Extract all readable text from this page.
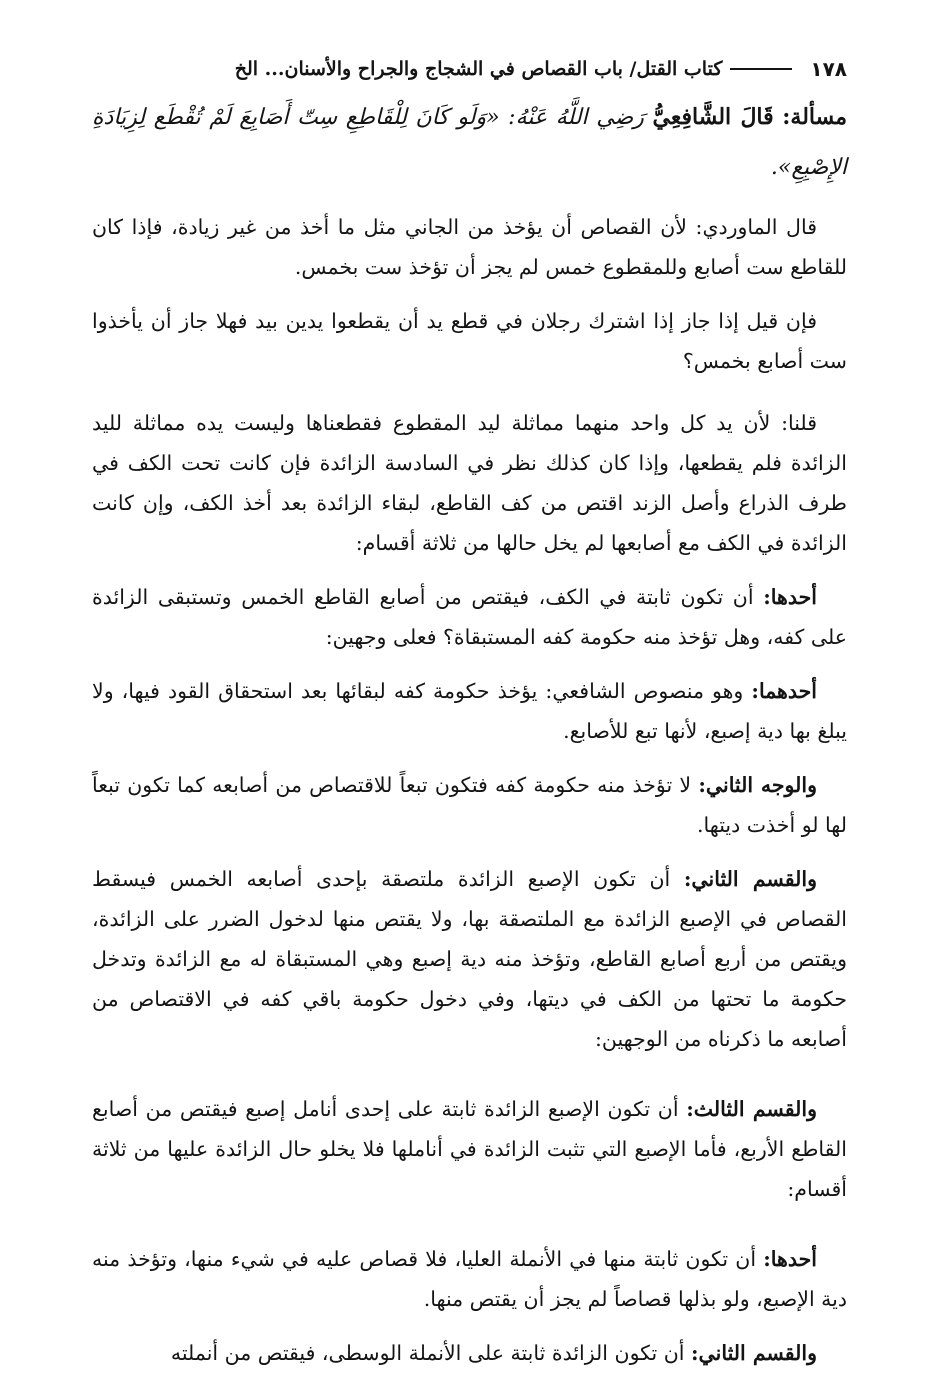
١٧٨
كتاب القتل/ باب القصاص في الشجاج والجراح والأسنان... الخ
مسألة: قَالَ الشَّافِعِيُّ رَضِي اللَّهُ عَنْهُ: «وَلَو كَانَ لِلْقَاطِعِ سِتّ أَصَابِعَ لَمْ تُقْطَع لِزِيَادَةِ الإِصْبِعِ».

قال الماوردي: لأن القصاص أن يؤخذ من الجاني مثل ما أخذ من غير زيادة، فإذا كان للقاطع ست أصابع وللمقطوع خمس لم يجز أن تؤخذ ست بخمس.

فإن قيل إذا جاز إذا اشترك رجلان في قطع يد أن يقطعوا يدين بيد فهلا جاز أن يأخذوا ست أصابع بخمس؟

قلنا: لأن يد كل واحد منهما مماثلة ليد المقطوع فقطعناها وليست يده مماثلة لليد الزائدة فلم يقطعها، وإذا كان كذلك نظر في السادسة الزائدة فإن كانت تحت الكف في طرف الذراع وأصل الزند اقتص من كف القاطع، لبقاء الزائدة بعد أخذ الكف، وإن كانت الزائدة في الكف مع أصابعها لم يخل حالها من ثلاثة أقسام:

أحدها: أن تكون ثابتة في الكف، فيقتص من أصابع القاطع الخمس وتستبقى الزائدة على كفه، وهل تؤخذ منه حكومة كفه المستبقاة؟ فعلى وجهين:

أحدهما: وهو منصوص الشافعي: يؤخذ حكومة كفه لبقائها بعد استحقاق القود فيها، ولا يبلغ بها دية إصبع، لأنها تبع للأصابع.

والوجه الثاني: لا تؤخذ منه حكومة كفه فتكون تبعاً للاقتصاص من أصابعه كما تكون تبعاً لها لو أخذت ديتها.

والقسم الثاني: أن تكون الإصبع الزائدة ملتصقة بإحدى أصابعه الخمس فيسقط القصاص في الإصبع الزائدة مع الملتصقة بها، ولا يقتص منها لدخول الضرر على الزائدة، ويقتص من أربع أصابع القاطع، وتؤخذ منه دية إصبع وهي المستبقاة له مع الزائدة وتدخل حكومة ما تحتها من الكف في ديتها، وفي دخول حكومة باقي كفه في الاقتصاص من أصابعه ما ذكرناه من الوجهين:

والقسم الثالث: أن تكون الإصبع الزائدة ثابتة على إحدى أنامل إصبع فيقتص من أصابع القاطع الأربع، فأما الإصبع التي تثبت الزائدة في أناملها فلا يخلو حال الزائدة عليها من ثلاثة أقسام:

أحدها: أن تكون ثابتة منها في الأنملة العليا، فلا قصاص عليه في شيء منها، وتؤخذ منه دية الإصبع، ولو بذلها قصاصاً لم يجز أن يقتص منها.

والقسم الثاني: أن تكون الزائدة ثابتة على الأنملة الوسطى، فيقتص من أنملته
